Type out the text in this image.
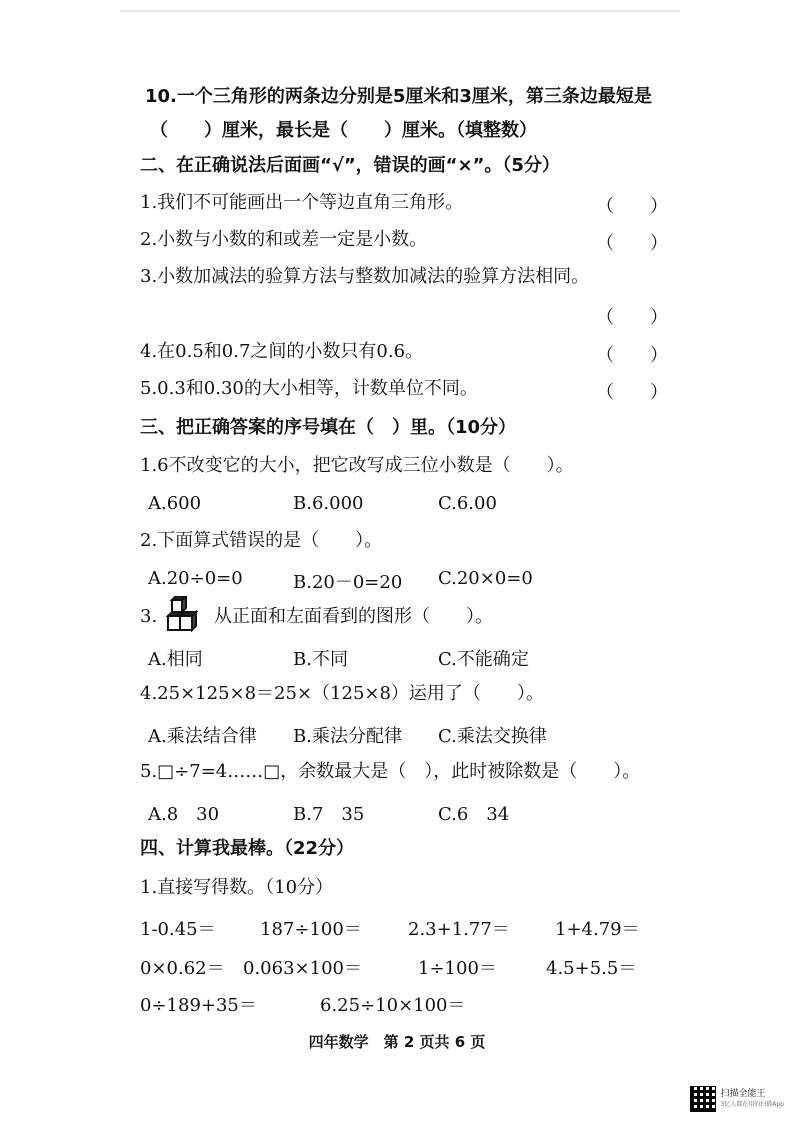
10.一个三角形的两条边分别是5厘米和3厘米，第三条边最短是
（　　）厘米，最长是（　　）厘米。（填整数）
二、在正确说法后面画“√”，错误的画“×”。（5分）
1.我们不可能画出一个等边直角三角形。	（　　）
2.小数与小数的和或差一定是小数。	（　　）
3.小数加减法的验算方法与整数加减法的验算方法相同。
（　　）
4.在0.5和0.7之间的小数只有0.6。	（　　）
5.0.3和0.30的大小相等，计数单位不同。	（　　）
三、把正确答案的序号填在（　）里。（10分）
1.6不改变它的大小，把它改写成三位小数是（　　）。
A.600	B.6.000	C.6.00
2.下面算式错误的是（　　）。
A.20÷0=0	B.20－0=20 C.20×0=0
3.	从正面和左面看到的图形（　　）。
A.相同	B.不同	C.不能确定
4.25×125×8＝25×（125×8）运用了（　　）。
A.乘法结合律 B.乘法分配律 C.乘法交换律
5.□÷7=4……□，余数最大是（　），此时被除数是（　　）。
A.8　30	B.7　35	C.6　34
四、计算我最棒。（22分）
1.直接写得数。（10分）
1-0.45＝ 187÷100＝	2.3+1.77＝	1+4.79＝
0×0.62＝ 0.063×100＝	1÷100＝	4.5+5.5＝
0÷189+35＝	6.25÷10×100＝
四年数学　第 2 页共 6 页
扫描全能王
3亿人都在用的扫描App
